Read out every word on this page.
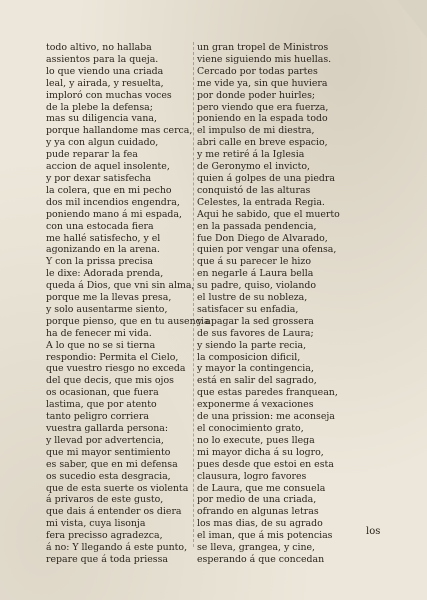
todo altivo, no hallaba
assientos para la queja.
lo que viendo una criada
leal, y airada, y resuelta,
imploró con muchas voces
de la plebe la defensa;
mas su diligencia vana,
porque hallandome mas cerca,
y ya con algun cuidado,
pude reparar la fea
accion de aquel insolente,
y por dexar satisfecha
la colera, que en mi pecho
dos mil incendios engendra,
poniendo mano á mi espada,
con una estocada fiera
me hallé satisfecho, y el
agonizando en la arena.
Y con la prissa precisa
le dixe: Adorada prenda,
queda á Dios, que vni sin alma,
porque me la llevas presa,
y solo ausentarme siento,
porque pienso, que en tu ausencia
ha de fenecer mi vida.
A lo que no se si tierna
respondio: Permita el Cielo,
que vuestro riesgo no exceda
del que decis, que mis ojos
os ocasionan, que fuera
lastima, que por atento
tanto peligro corriera
vuestra gallarda persona:
y llevad por advertencia,
que mi mayor sentimiento
es saber, que en mi defensa
os sucedio esta desgracia,
que de esta suerte os violenta
á privaros de este gusto,
que dais á entender os diera
mi vista, cuya lisonja
fera precisso agradezca,
á no: Y llegando á este punto,
repare que á toda priessa
un gran tropel de Ministros
viene siguiendo mis huellas.
Cercado por todas partes
me vide ya, sin que huviera
por donde poder huirles;
pero viendo que era fuerza,
poniendo en la espada todo
el impulso de mi diestra,
abri calle en breve espacio,
y me retiré á la Iglesia
de Geronymo el invicto,
quien á golpes de una piedra
conquistó de las alturas
Celestes, la entrada Regia.
Aqui he sabido, que el muerto
en la passada pendencia,
fue Don Diego de Alvarado,
quien por vengar una ofensa,
que á su parecer le hizo
en negarle á Laura bella
su padre, quiso, violando
el lustre de su nobleza,
satisfacer su enfadia,
y apagar la sed grossera
de sus favores de Laura;
y siendo la parte recia,
la composicion dificil,
y mayor la contingencia,
está en salir del sagrado,
que estas paredes franquean,
exponerme á vexaciones
de una prission: me aconseja
el conocimiento grato,
no lo execute, pues llega
mi mayor dicha á su logro,
pues desde que estoi en esta
clausura, logro favores
de Laura, que me consuela
por medio de una criada,
ofrando en algunas letras
los mas dias, de su agrado
el iman, que á mis potencias
se lleva, grangea, y cine,
esperando á que concedan
los
